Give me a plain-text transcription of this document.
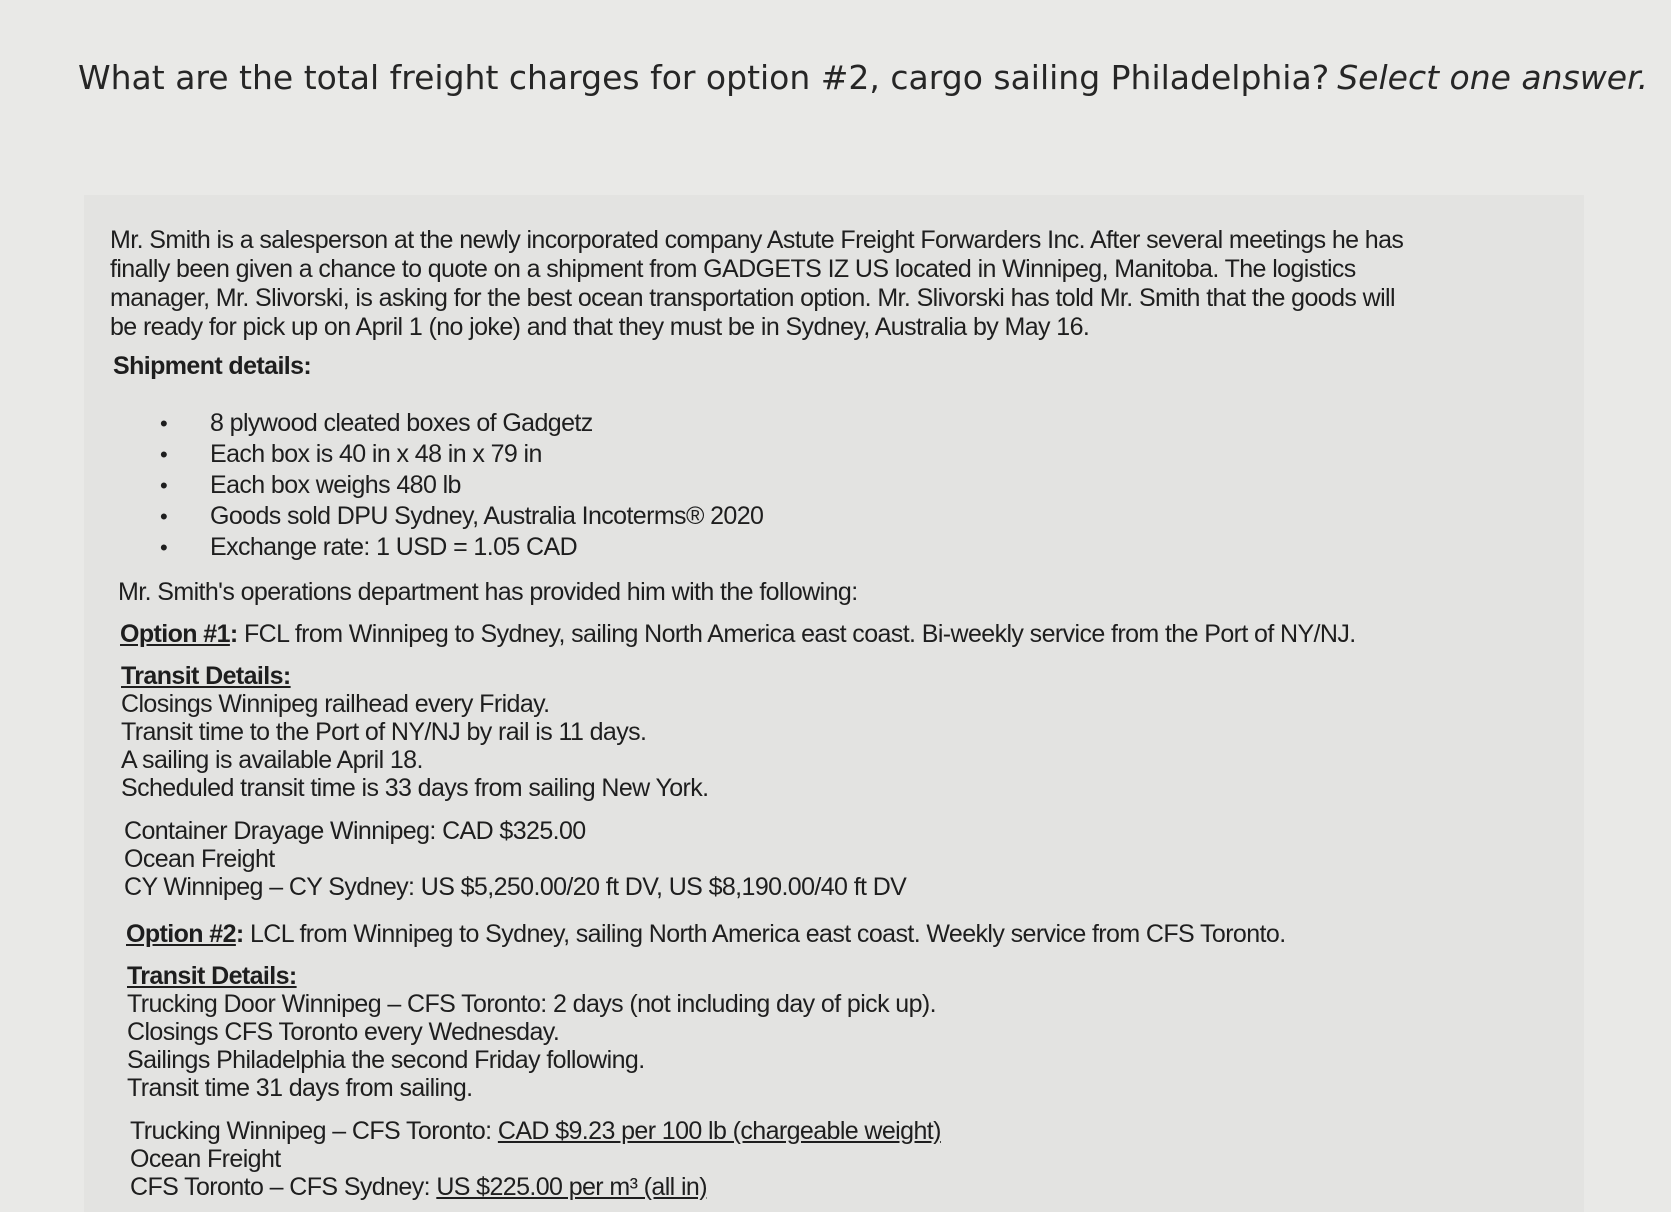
What are the total freight charges for option #2, cargo sailing Philadelphia? Select one answer.
Mr. Smith is a salesperson at the newly incorporated company Astute Freight Forwarders Inc. After several meetings he has
finally been given a chance to quote on a shipment from GADGETS IZ US located in Winnipeg, Manitoba. The logistics
manager, Mr. Slivorski, is asking for the best ocean transportation option. Mr. Slivorski has told Mr. Smith that the goods will
be ready for pick up on April 1 (no joke) and that they must be in Sydney, Australia by May 16.
Shipment details:
• 8 plywood cleated boxes of Gadgetz
• Each box is 40 in x 48 in x 79 in
• Each box weighs 480 lb
• Goods sold DPU Sydney, Australia Incoterms® 2020
• Exchange rate: 1 USD = 1.05 CAD
Mr. Smith's operations department has provided him with the following:
Option #1: FCL from Winnipeg to Sydney, sailing North America east coast. Bi-weekly service from the Port of NY/NJ.
Transit Details:
Closings Winnipeg railhead every Friday.
Transit time to the Port of NY/NJ by rail is 11 days.
A sailing is available April 18.
Scheduled transit time is 33 days from sailing New York.
Container Drayage Winnipeg: CAD $325.00
Ocean Freight
CY Winnipeg – CY Sydney: US $5,250.00/20 ft DV, US $8,190.00/40 ft DV
Option #2: LCL from Winnipeg to Sydney, sailing North America east coast. Weekly service from CFS Toronto.
Transit Details:
Trucking Door Winnipeg – CFS Toronto: 2 days (not including day of pick up).
Closings CFS Toronto every Wednesday.
Sailings Philadelphia the second Friday following.
Transit time 31 days from sailing.
Trucking Winnipeg – CFS Toronto: CAD $9.23 per 100 lb (chargeable weight)
Ocean Freight
CFS Toronto – CFS Sydney: US $225.00 per m³ (all in)
